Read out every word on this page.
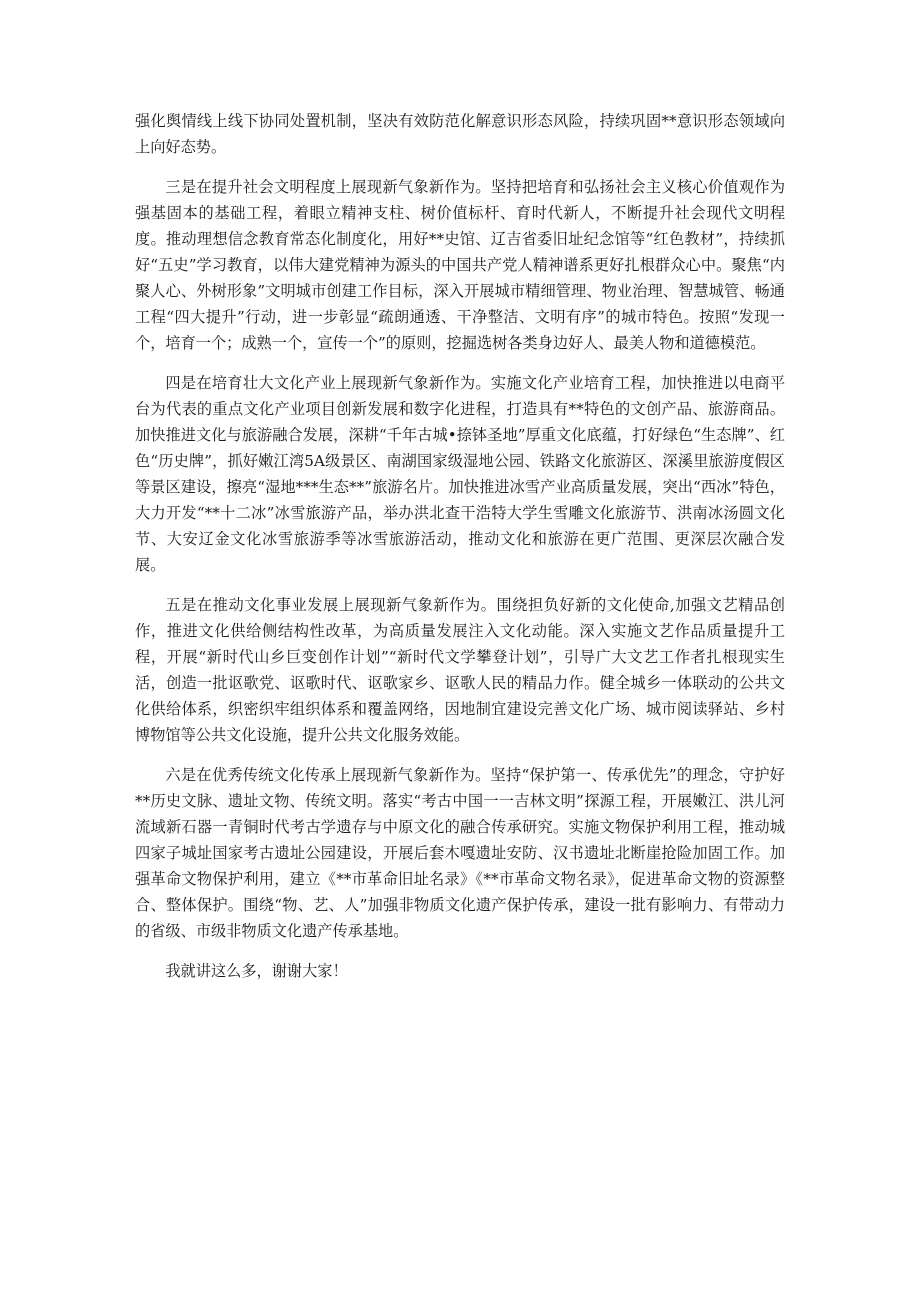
强化舆情线上线下协同处置机制，坚决有效防范化解意识形态风险，持续巩固**意识形态领域向上向好态势。

三是在提升社会文明程度上展现新气象新作为。坚持把培育和弘扬社会主义核心价值观作为强基固本的基础工程，着眼立精神支柱、树价值标杆、育时代新人，不断提升社会现代文明程度。推动理想信念教育常态化制度化，用好**史馆、辽吉省委旧址纪念馆等“红色教材”，持续抓好“五史”学习教育，以伟大建党精神为源头的中国共产党人精神谱系更好扎根群众心中。聚焦“内聚人心、外树形象”文明城市创建工作目标，深入开展城市精细管理、物业治理、智慧城管、畅通工程“四大提升”行动，进一步彰显“疏朗通透、干净整洁、文明有序”的城市特色。按照“发现一个，培育一个；成熟一个，宣传一个”的原则，挖掘选树各类身边好人、最美人物和道德模范。

四是在培育壮大文化产业上展现新气象新作为。实施文化产业培育工程，加快推进以电商平台为代表的重点文化产业项目创新发展和数字化进程，打造具有**特色的文创产品、旅游商品。加快推进文化与旅游融合发展，深耕“千年古城•捺钵圣地”厚重文化底蕴，打好绿色“生态牌”、红色“历史牌”，抓好嫩江湾5A级景区、南湖国家级湿地公园、铁路文化旅游区、深溪里旅游度假区等景区建设，擦亮“湿地***生态**”旅游名片。加快推进冰雪产业高质量发展，突出“西冰”特色，大力开发“**十二冰”冰雪旅游产品，举办洪北查干浩特大学生雪雕文化旅游节、洪南冰汤圆文化节、大安辽金文化冰雪旅游季等冰雪旅游活动，推动文化和旅游在更广范围、更深层次融合发展。

五是在推动文化事业发展上展现新气象新作为。围绕担负好新的文化使命,加强文艺精品创作，推进文化供给侧结构性改革，为高质量发展注入文化动能。深入实施文艺作品质量提升工程，开展“新时代山乡巨变创作计划”“新时代文学攀登计划”，引导广大文艺工作者扎根现实生活，创造一批讴歌党、讴歌时代、讴歌家乡、讴歌人民的精品力作。健全城乡一体联动的公共文化供给体系，织密织牢组织体系和覆盖网络，因地制宜建设完善文化广场、城市阅读驿站、乡村博物馆等公共文化设施，提升公共文化服务效能。

六是在优秀传统文化传承上展现新气象新作为。坚持“保护第一、传承优先”的理念，守护好**历史文脉、遗址文物、传统文明。落实“考古中国一一吉林文明”探源工程，开展嫩江、洪儿河流域新石器一青铜时代考古学遗存与中原文化的融合传承研究。实施文物保护利用工程，推动城四家子城址国家考古遗址公园建设，开展后套木嘎遗址安防、汉书遗址北断崖抢险加固工作。加强革命文物保护利用，建立《**市革命旧址名录》《**市革命文物名录》，促进革命文物的资源整合、整体保护。围绕“物、艺、人”加强非物质文化遗产保护传承，建设一批有影响力、有带动力的省级、市级非物质文化遗产传承基地。

我就讲这么多，谢谢大家！
